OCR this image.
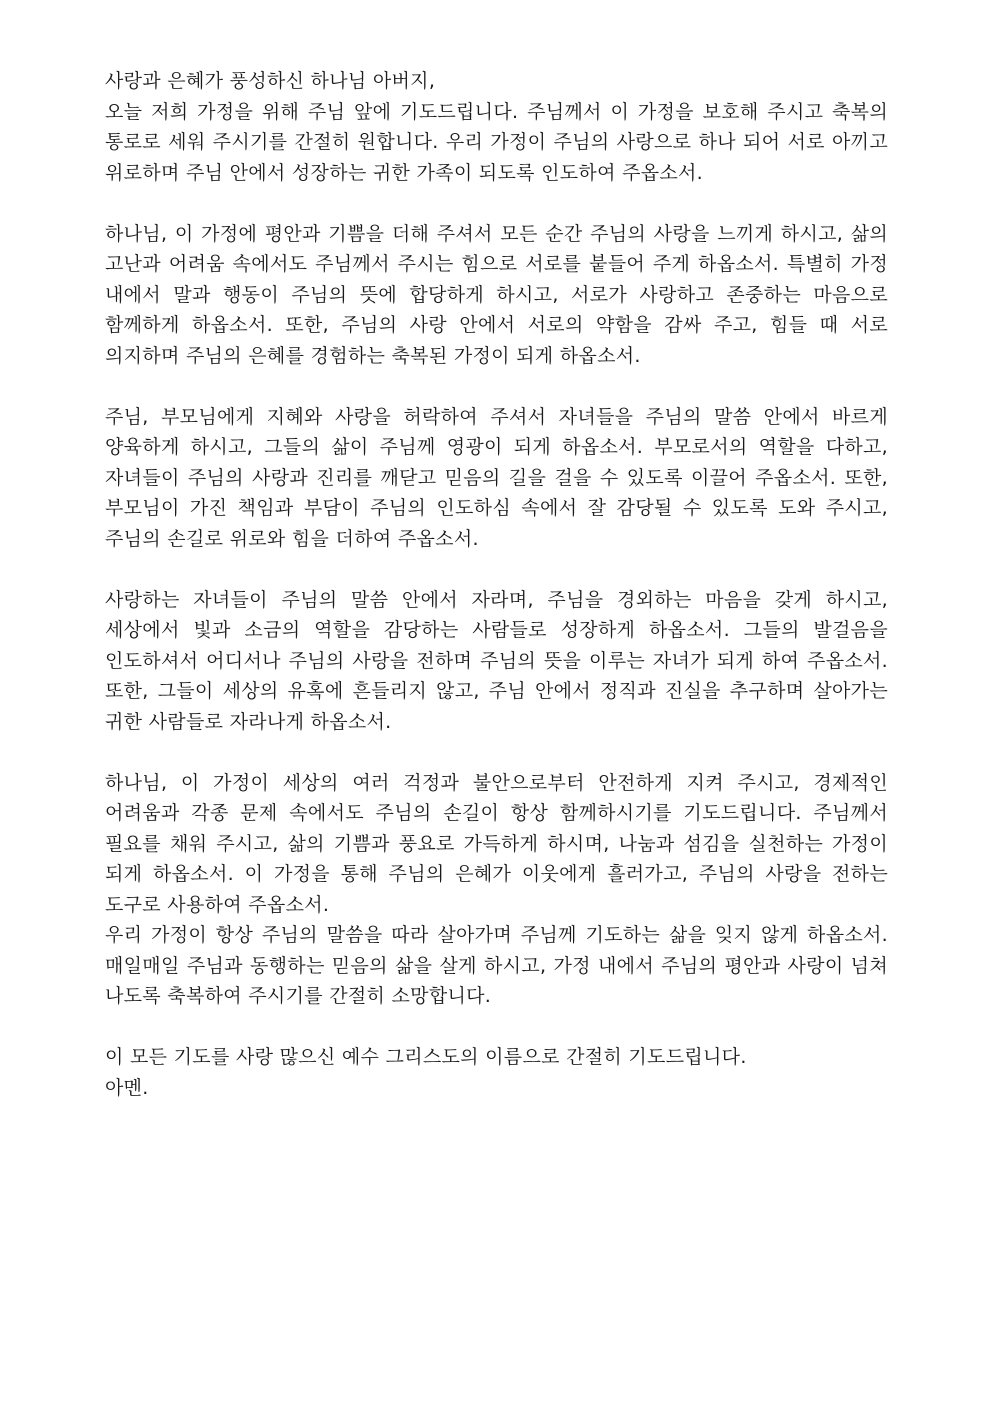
사랑과 은혜가 풍성하신 하나님 아버지,
오늘 저희 가정을 위해 주님 앞에 기도드립니다. 주님께서 이 가정을 보호해 주시고 축복의 통로로 세워 주시기를 간절히 원합니다. 우리 가정이 주님의 사랑으로 하나 되어 서로 아끼고 위로하며 주님 안에서 성장하는 귀한 가족이 되도록 인도하여 주옵소서.

하나님, 이 가정에 평안과 기쁨을 더해 주셔서 모든 순간 주님의 사랑을 느끼게 하시고, 삶의 고난과 어려움 속에서도 주님께서 주시는 힘으로 서로를 붙들어 주게 하옵소서. 특별히 가정 내에서 말과 행동이 주님의 뜻에 합당하게 하시고, 서로가 사랑하고 존중하는 마음으로 함께하게 하옵소서. 또한, 주님의 사랑 안에서 서로의 약함을 감싸 주고, 힘들 때 서로 의지하며 주님의 은혜를 경험하는 축복된 가정이 되게 하옵소서.

주님, 부모님에게 지혜와 사랑을 허락하여 주셔서 자녀들을 주님의 말씀 안에서 바르게 양육하게 하시고, 그들의 삶이 주님께 영광이 되게 하옵소서. 부모로서의 역할을 다하고, 자녀들이 주님의 사랑과 진리를 깨닫고 믿음의 길을 걸을 수 있도록 이끌어 주옵소서. 또한, 부모님이 가진 책임과 부담이 주님의 인도하심 속에서 잘 감당될 수 있도록 도와 주시고, 주님의 손길로 위로와 힘을 더하여 주옵소서.

사랑하는 자녀들이 주님의 말씀 안에서 자라며, 주님을 경외하는 마음을 갖게 하시고, 세상에서 빛과 소금의 역할을 감당하는 사람들로 성장하게 하옵소서. 그들의 발걸음을 인도하셔서 어디서나 주님의 사랑을 전하며 주님의 뜻을 이루는 자녀가 되게 하여 주옵소서. 또한, 그들이 세상의 유혹에 흔들리지 않고, 주님 안에서 정직과 진실을 추구하며 살아가는 귀한 사람들로 자라나게 하옵소서.

하나님, 이 가정이 세상의 여러 걱정과 불안으로부터 안전하게 지켜 주시고, 경제적인 어려움과 각종 문제 속에서도 주님의 손길이 항상 함께하시기를 기도드립니다. 주님께서 필요를 채워 주시고, 삶의 기쁨과 풍요로 가득하게 하시며, 나눔과 섬김을 실천하는 가정이 되게 하옵소서. 이 가정을 통해 주님의 은혜가 이웃에게 흘러가고, 주님의 사랑을 전하는 도구로 사용하여 주옵소서.

우리 가정이 항상 주님의 말씀을 따라 살아가며 주님께 기도하는 삶을 잊지 않게 하옵소서. 매일매일 주님과 동행하는 믿음의 삶을 살게 하시고, 가정 내에서 주님의 평안과 사랑이 넘쳐 나도록 축복하여 주시기를 간절히 소망합니다.

이 모든 기도를 사랑 많으신 예수 그리스도의 이름으로 간절히 기도드립니다.
아멘.
